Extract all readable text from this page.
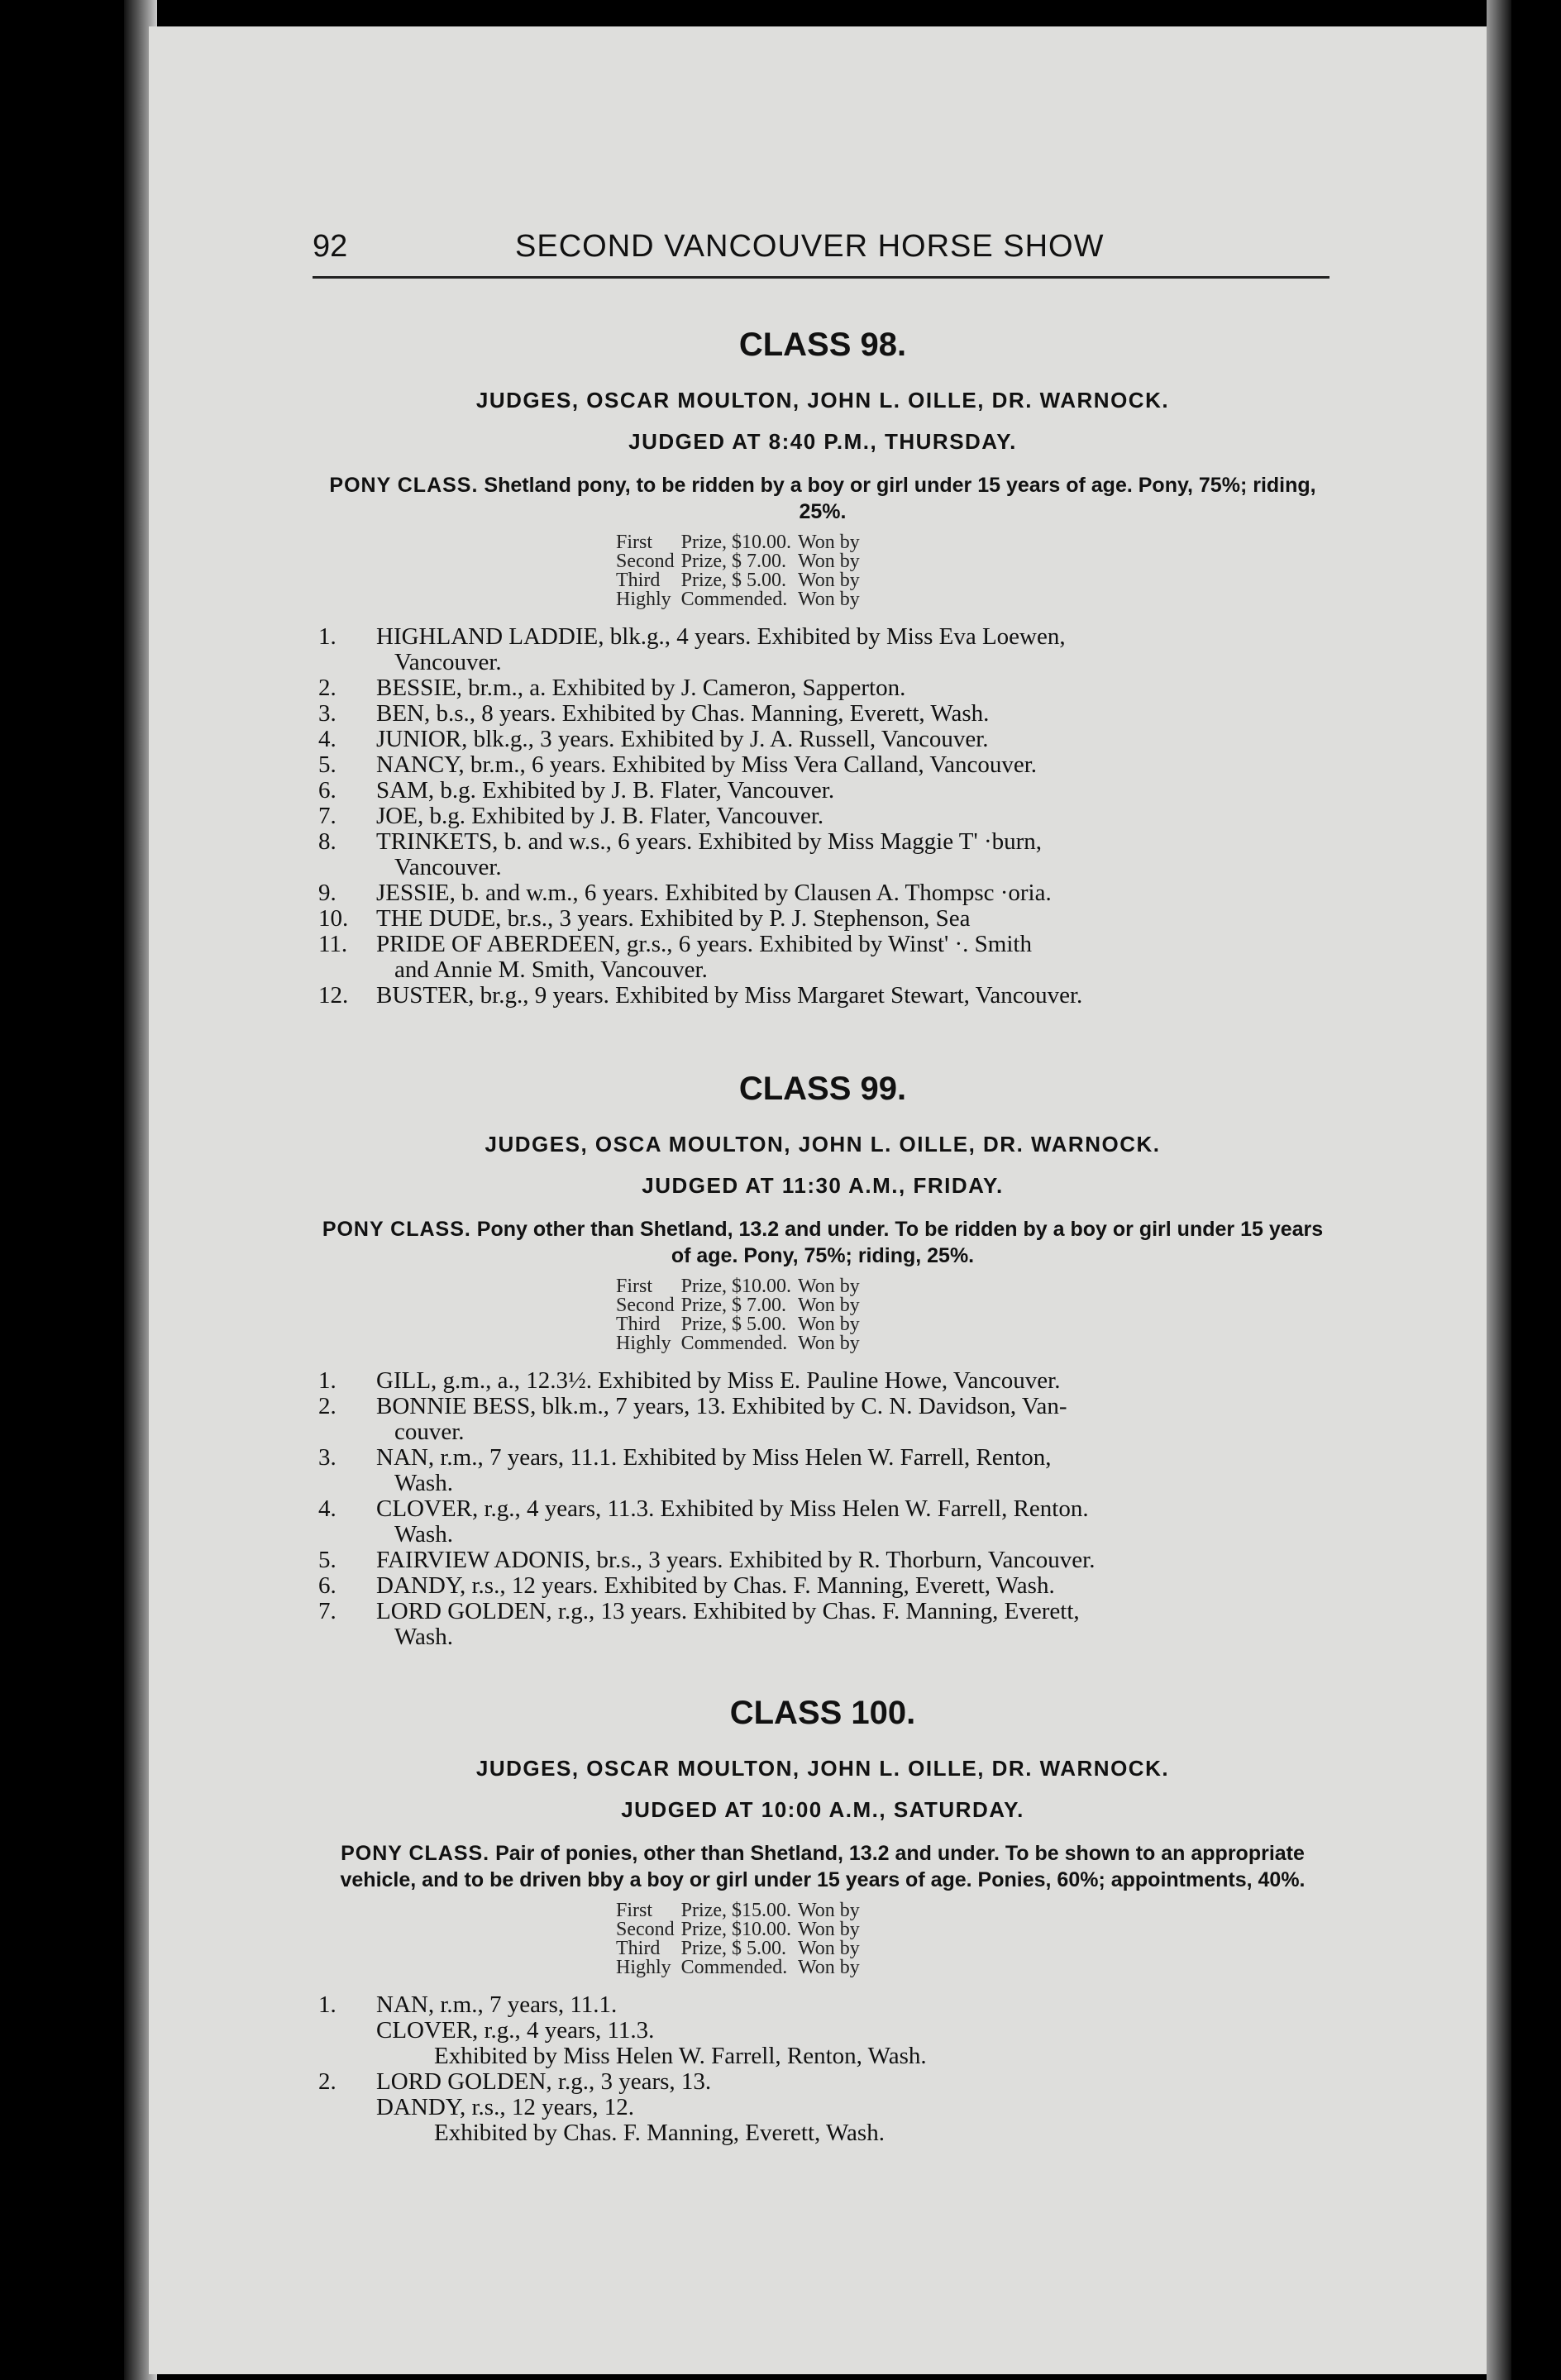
92	SECOND VANCOUVER HORSE SHOW
CLASS 98.
JUDGES, OSCAR MOULTON, JOHN L. OILLE, DR. WARNOCK.
JUDGED AT 8:40 P.M., THURSDAY.
PONY CLASS. Shetland pony, to be ridden by a boy or girl under 15 years of age. Pony, 75%; riding, 25%.
First	Prize, $10.00.	Won by
Second	Prize, $ 7.00.	Won by
Third	Prize, $ 5.00.	Won by
Highly	Commended.	Won by
1. HIGHLAND LADDIE, blk.g., 4 years. Exhibited by Miss Eva Loewen,
Vancouver.
2. BESSIE, br.m., a. Exhibited by J. Cameron, Sapperton.
3. BEN, b.s., 8 years. Exhibited by Chas. Manning, Everett, Wash.
4. JUNIOR, blk.g., 3 years. Exhibited by J. A. Russell, Vancouver.
5. NANCY, br.m., 6 years. Exhibited by Miss Vera Calland, Vancouver.
6. SAM, b.g. Exhibited by J. B. Flater, Vancouver.
7. JOE, b.g. Exhibited by J. B. Flater, Vancouver.
8. TRINKETS, b. and w.s., 6 years. Exhibited by Miss Maggie T' ·burn,
Vancouver.
9. JESSIE, b. and w.m., 6 years. Exhibited by Clausen A. Thompsc ·oria.
10. THE DUDE, br.s., 3 years. Exhibited by P. J. Stephenson, Sea
11. PRIDE OF ABERDEEN, gr.s., 6 years. Exhibited by Winst' ·. Smith
and Annie M. Smith, Vancouver.
12. BUSTER, br.g., 9 years. Exhibited by Miss Margaret Stewart, Vancouver.
CLASS 99.
JUDGES, OSCA MOULTON, JOHN L. OILLE, DR. WARNOCK.
JUDGED AT 11:30 A.M., FRIDAY.
PONY CLASS. Pony other than Shetland, 13.2 and under. To be ridden by a boy or girl under 15 years of age. Pony, 75%; riding, 25%.
First	Prize, $10.00.	Won by
Second	Prize, $ 7.00.	Won by
Third	Prize, $ 5.00.	Won by
Highly	Commended.	Won by
1. GILL, g.m., a., 12.3½. Exhibited by Miss E. Pauline Howe, Vancouver.
2. BONNIE BESS, blk.m., 7 years, 13. Exhibited by C. N. Davidson, Van-
couver.
3. NAN, r.m., 7 years, 11.1. Exhibited by Miss Helen W. Farrell, Renton,
Wash.
4. CLOVER, r.g., 4 years, 11.3. Exhibited by Miss Helen W. Farrell, Renton.
Wash.
5. FAIRVIEW ADONIS, br.s., 3 years. Exhibited by R. Thorburn, Vancouver.
6. DANDY, r.s., 12 years. Exhibited by Chas. F. Manning, Everett, Wash.
7. LORD GOLDEN, r.g., 13 years. Exhibited by Chas. F. Manning, Everett,
Wash.
CLASS 100.
JUDGES, OSCAR MOULTON, JOHN L. OILLE, DR. WARNOCK.
JUDGED AT 10:00 A.M., SATURDAY.
PONY CLASS. Pair of ponies, other than Shetland, 13.2 and under. To be shown to an appropriate vehicle, and to be driven bby a boy or girl under 15 years of age. Ponies, 60%; appointments, 40%.
First	Prize, $15.00.	Won by
Second	Prize, $10.00.	Won by
Third	Prize, $ 5.00.	Won by
Highly	Commended.	Won by
1. NAN, r.m., 7 years, 11.1.
CLOVER, r.g., 4 years, 11.3.
Exhibited by Miss Helen W. Farrell, Renton, Wash.
2. LORD GOLDEN, r.g., 3 years, 13.
DANDY, r.s., 12 years, 12.
Exhibited by Chas. F. Manning, Everett, Wash.
